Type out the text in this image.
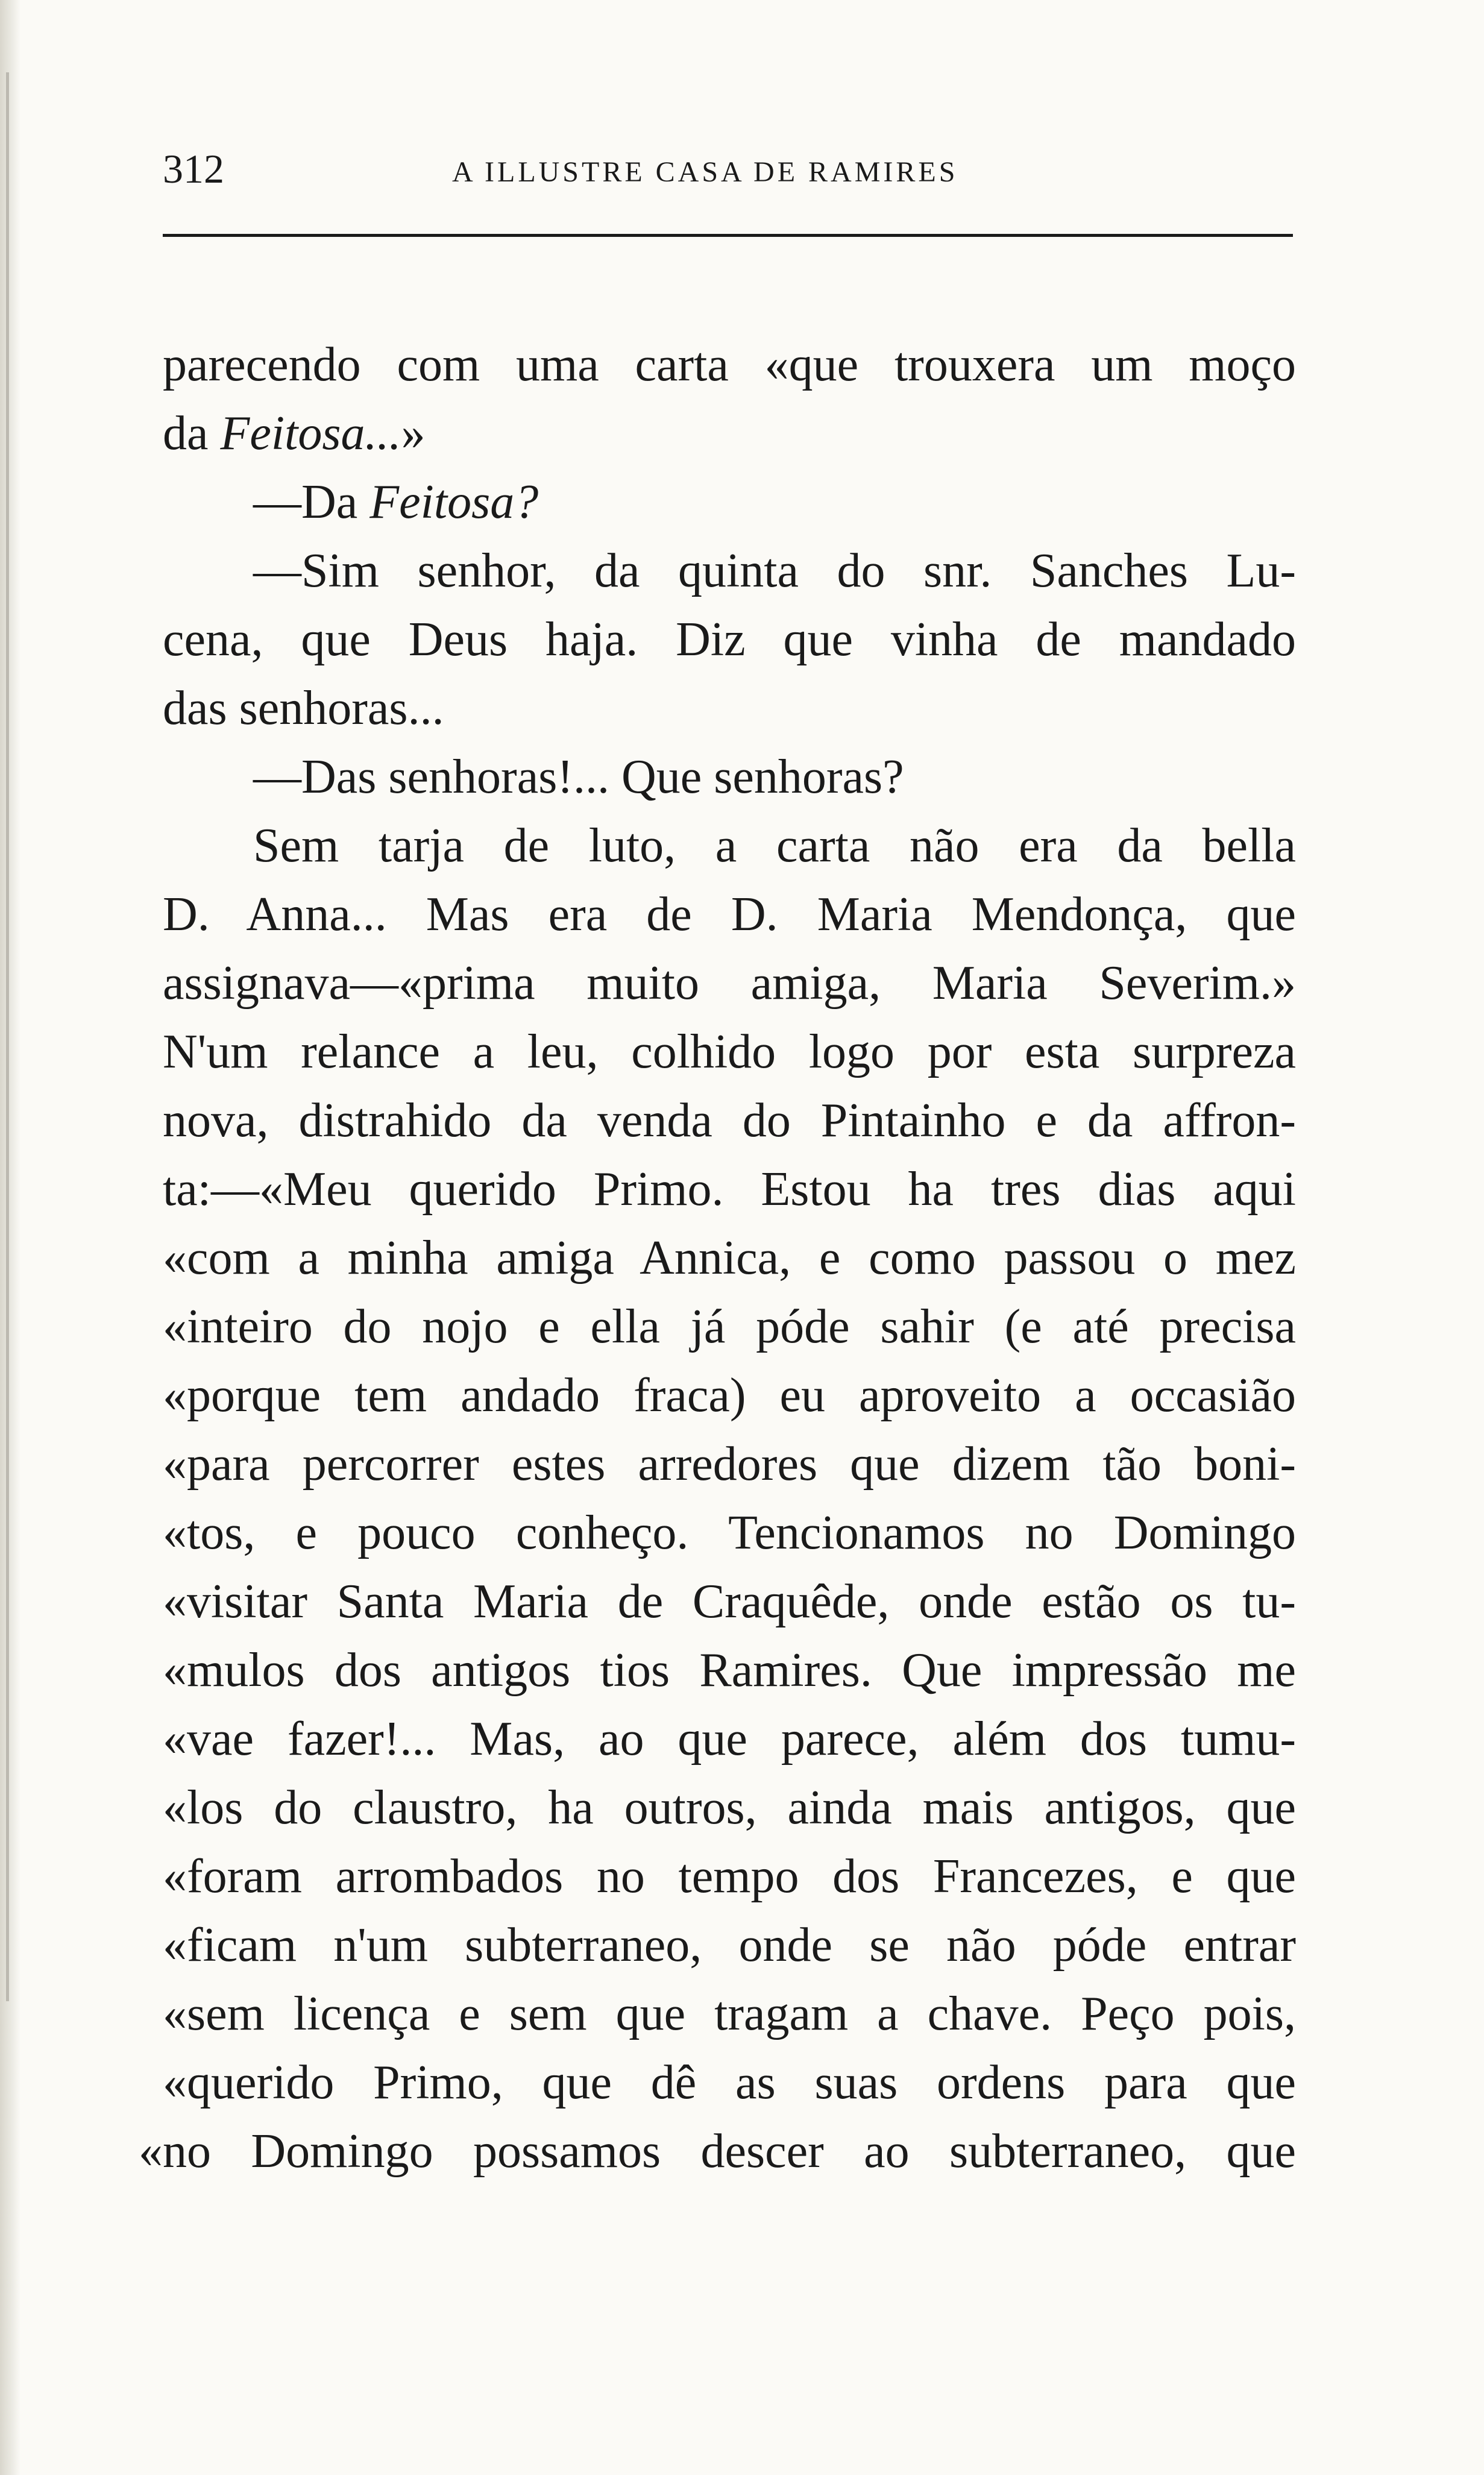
312	A ILLUSTRE CASA DE RAMIRES
parecendo com uma carta «que trouxera um moço
da Feitosa...»
—Da Feitosa?
—Sim senhor, da quinta do snr. Sanches Lu-
cena, que Deus haja. Diz que vinha de mandado
das senhoras...
—Das senhoras!... Que senhoras?
Sem tarja de luto, a carta não era da bella
D. Anna... Mas era de D. Maria Mendonça, que
assignava—«prima muito amiga, Maria Severim.»
N'um relance a leu, colhido logo por esta surpreza
nova, distrahido da venda do Pintainho e da affron-
ta:—«Meu querido Primo. Estou ha tres dias aqui
«com a minha amiga Annica, e como passou o mez
«inteiro do nojo e ella já póde sahir (e até precisa
«porque tem andado fraca) eu aproveito a occasião
«para percorrer estes arredores que dizem tão boni-
«tos, e pouco conheço. Tencionamos no Domingo
«visitar Santa Maria de Craquêde, onde estão os tu-
«mulos dos antigos tios Ramires. Que impressão me
«vae fazer!... Mas, ao que parece, além dos tumu-
«los do claustro, ha outros, ainda mais antigos, que
«foram arrombados no tempo dos Francezes, e que
«ficam n'um subterraneo, onde se não póde entrar
«sem licença e sem que tragam a chave. Peço pois,
«querido Primo, que dê as suas ordens para que
«no Domingo possamos descer ao subterraneo, que
